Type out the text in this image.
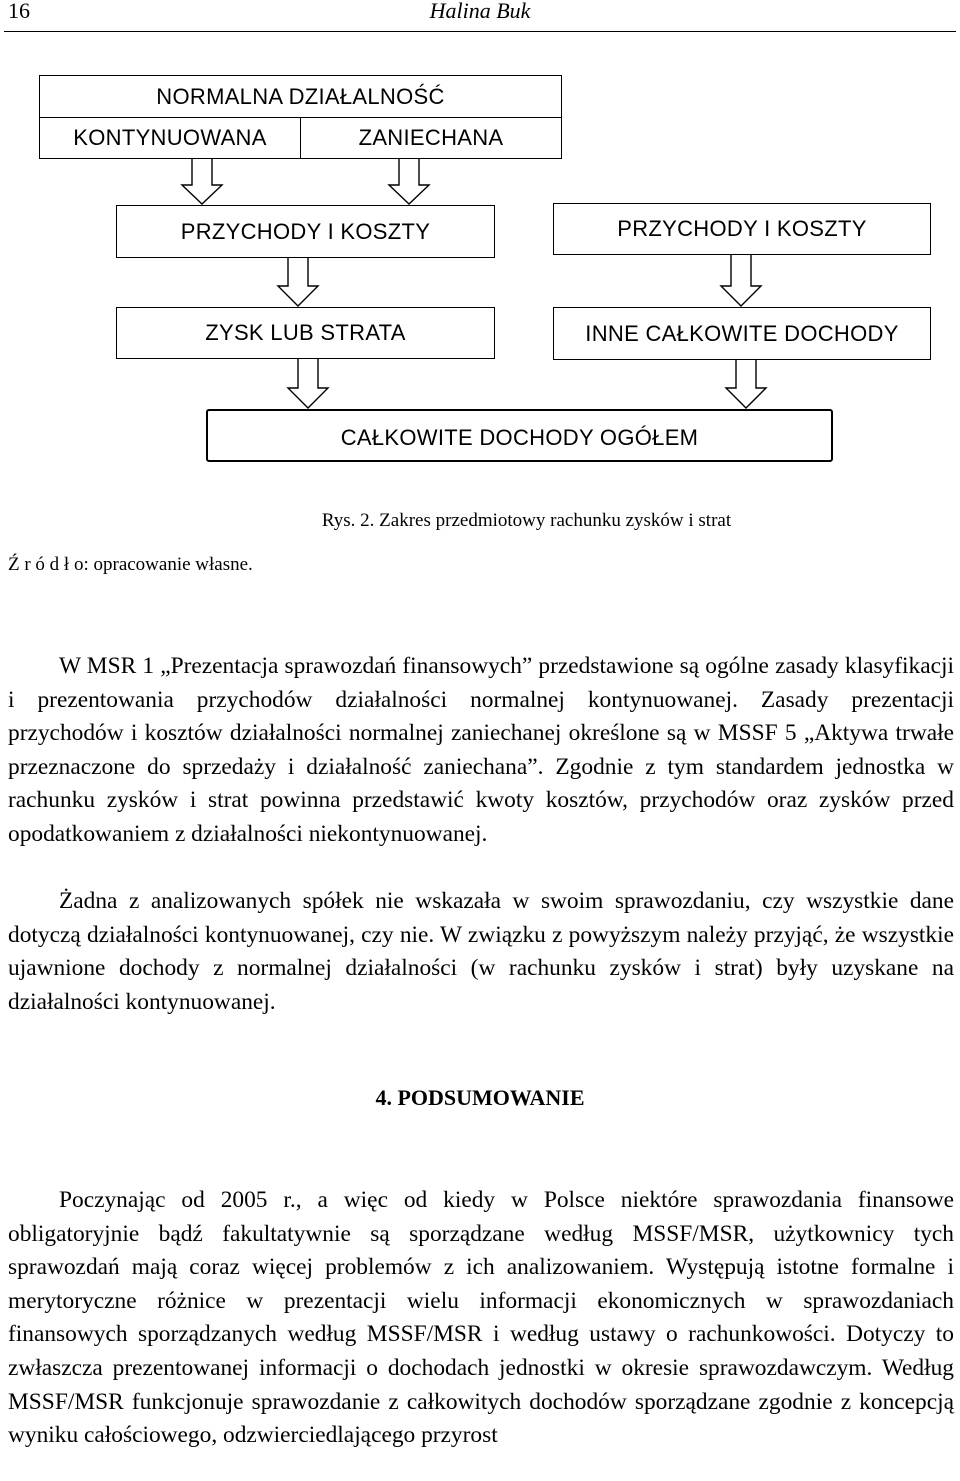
16	Halina Buk
NORMALNA DZIAŁALNOŚĆ
KONTYNUOWANA	ZANIECHANA
PRZYCHODY I KOSZTY	PRZYCHODY I KOSZTY
ZYSK LUB STRATA	INNE CAŁKOWITE DOCHODY
CAŁKOWITE DOCHODY OGÓŁEM
Rys. 2. Zakres przedmiotowy rachunku zysków i strat
Ź r ó d ł o: opracowanie własne.

W MSR 1 „Prezentacja sprawozdań finansowych” przedstawione są ogólne zasady klasyfikacji i prezentowania przychodów działalności normalnej kontynuowanej. Zasady prezentacji przychodów i kosztów działalności normalnej zaniechanej określone są w MSSF 5 „Aktywa trwałe przeznaczone do sprzedaży i działalność zaniechana”. Zgodnie z tym standardem jednostka w rachunku zysków i strat powinna przedstawić kwoty kosztów, przychodów oraz zysków przed opodatkowaniem z działalności niekontynuowanej.

Żadna z analizowanych spółek nie wskazała w swoim sprawozdaniu, czy wszystkie dane dotyczą działalności kontynuowanej, czy nie. W związku z powyższym należy przyjąć, że wszystkie ujawnione dochody z normalnej działalności (w rachunku zysków i strat) były uzyskane na działalności kontynuowanej.

4. PODSUMOWANIE

Poczynając od 2005 r., a więc od kiedy w Polsce niektóre sprawozdania finansowe obligatoryjnie bądź fakultatywnie są sporządzane według MSSF/MSR, użytkownicy tych sprawozdań mają coraz więcej problemów z ich analizowaniem. Występują istotne formalne i merytoryczne różnice w prezentacji wielu informacji ekonomicznych w sprawozdaniach finansowych sporządzanych według MSSF/MSR i według ustawy o rachunkowości. Dotyczy to zwłaszcza prezentowanej informacji o dochodach jednostki w okresie sprawozdawczym. Według MSSF/MSR funkcjonuje sprawozdanie z całkowitych dochodów sporządzane zgodnie z koncepcją wyniku całościowego, odzwierciedlającego przyrost
